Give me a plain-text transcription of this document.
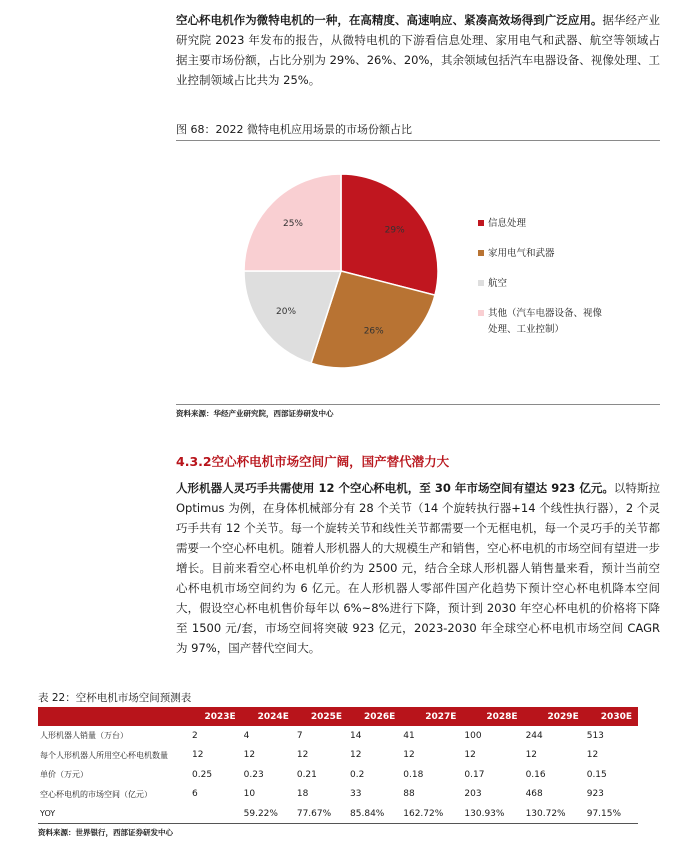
空心杯电机作为微特电机的一种，在高精度、高速响应、紧凑高效场得到广泛应用。据华经产业研究院 2023 年发布的报告，从微特电机的下游看信息处理、家用电气和武器、航空等领域占据主要市场份额，占比分别为 29%、26%、20%，其余领域包括汽车电器设备、视像处理、工业控制领域占比共为 25%。
图 68：2022 微特电机应用场景的市场份额占比
29%
26%
20%
25%	信息处理
家用电气和武器
航空
其他（汽车电器设备、视像
处理、工业控制）
资料来源：华经产业研究院，西部证券研发中心
4.3.2空心杯电机市场空间广阔，国产替代潜力大
人形机器人灵巧手共需使用 12 个空心杯电机，至 30 年市场空间有望达 923 亿元。以特斯拉 Optimus 为例，在身体机械部分有 28 个关节（14 个旋转执行器+14 个线性执行器），2 个灵巧手共有 12 个关节。每一个旋转关节和线性关节都需要一个无框电机，每一个灵巧手的关节都需要一个空心杯电机。随着人形机器人的大规模生产和销售，空心杯电机的市场空间有望进一步增长。目前来看空心杯电机单价约为 2500 元，结合全球人形机器人销售量来看，预计当前空心杯电机市场空间约为 6 亿元。在人形机器人零部件国产化趋势下预计空心杯电机降本空间大，假设空心杯电机售价每年以 6%~8%进行下降，预计到 2030 年空心杯电机的价格将下降至 1500 元/套，市场空间将突破 923 亿元，2023-2030 年全球空心杯电机市场空间 CAGR 为 97%，国产替代空间大。
表 22：空杯电机市场空间预测表
	2023E	2024E	2025E	2026E	2027E	2028E	2029E	2030E
人形机器人销量（万台）	2	4	7	14	41	100	244	513
每个人形机器人所用空心杯电机数量	12	12	12	12	12	12	12	12
单价（万元）	0.25	0.23	0.21	0.2	0.18	0.17	0.16	0.15
空心杯电机的市场空间（亿元）	6	10	18	33	88	203	468	923
YOY		59.22%	77.67%	85.84%	162.72%	130.93%	130.72%	97.15%
资料来源：世界银行，西部证券研发中心
